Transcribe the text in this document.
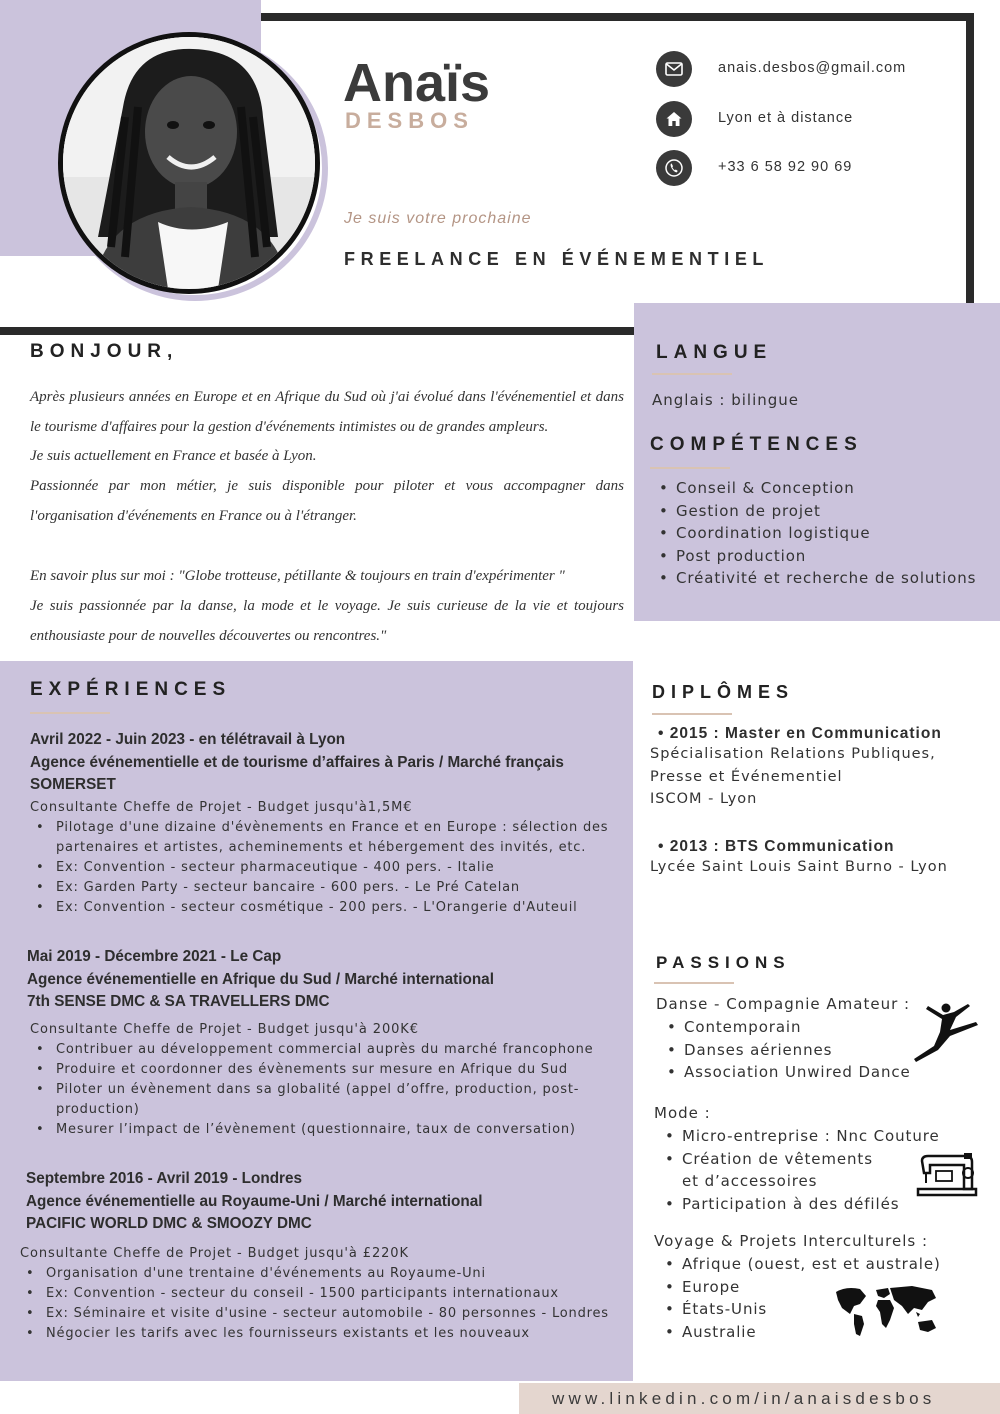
Anaïs
DESBOS
Je suis votre prochaine
FREELANCE EN ÉVÉNEMENTIEL
anais.desbos@gmail.com
Lyon et à distance
+33 6 58 92 90 69
BONJOUR,
Après plusieurs années en Europe et en Afrique du Sud où j'ai évolué dans l'événementiel et dans le tourisme d'affaires pour la gestion d'événements intimistes ou de grandes ampleurs.
Je suis actuellement en France et basée à Lyon.
Passionnée par mon métier, je suis disponible pour piloter et vous accompagner dans l'organisation d'événements en France ou à l'étranger.
En savoir plus sur moi : "Globe trotteuse, pétillante & toujours en train d'expérimenter "
Je suis passionnée par la danse, la mode et le voyage. Je suis curieuse de la vie et toujours enthousiaste pour de nouvelles découvertes ou rencontres."
LANGUE
Anglais : bilingue
COMPÉTENCES
• Conseil & Conception
• Gestion de projet
• Coordination logistique
• Post production
• Créativité et recherche de solutions
EXPÉRIENCES
Avril 2022 - Juin 2023 - en télétravail à Lyon
Agence événementielle et de tourisme d’affaires à Paris / Marché français
SOMERSET
Consultante Cheffe de Projet - Budget jusqu'à1,5M€
• Pilotage d'une dizaine d'évènements en France et en Europe : sélection des partenaires et artistes, acheminements et hébergement des invités, etc.
• Ex: Convention - secteur pharmaceutique - 400 pers. - Italie
• Ex: Garden Party - secteur bancaire - 600 pers. - Le Pré Catelan
• Ex: Convention - secteur cosmétique - 200 pers. - L'Orangerie d'Auteuil
Mai 2019 - Décembre 2021 - Le Cap
Agence événementielle en Afrique du Sud / Marché international
7th SENSE DMC & SA TRAVELLERS DMC
Consultante Cheffe de Projet - Budget jusqu'à 200K€
• Contribuer au développement commercial auprès du marché francophone
• Produire et coordonner des évènements sur mesure en Afrique du Sud
• Piloter un évènement dans sa globalité (appel d’offre, production, post-production)
• Mesurer l’impact de l’évènement (questionnaire, taux de conversation)
Septembre 2016 - Avril 2019 - Londres
Agence événementielle au Royaume-Uni / Marché international
PACIFIC WORLD DMC & SMOOZY DMC
Consultante Cheffe de Projet - Budget jusqu'à £220K
• Organisation d'une trentaine d'événements au Royaume-Uni
• Ex: Convention - secteur du conseil - 1500 participants internationaux
• Ex: Séminaire et visite d'usine - secteur automobile - 80 personnes - Londres
• Négocier les tarifs avec les fournisseurs existants et les nouveaux
DIPLÔMES
• 2015 : Master en Communication
Spécialisation Relations Publiques,
Presse et Événementiel
ISCOM - Lyon
• 2013 : BTS Communication
Lycée Saint Louis Saint Burno - Lyon
PASSIONS
Danse - Compagnie Amateur :
• Contemporain
• Danses aériennes
• Association Unwired Dance
Mode :
• Micro-entreprise : Nnc Couture
• Création de vêtements et d’accessoires
• Participation à des défilés
Voyage & Projets Interculturels :
• Afrique (ouest, est et australe)
• Europe
• États-Unis
• Australie
www.linkedin.com/in/anaisdesbos
